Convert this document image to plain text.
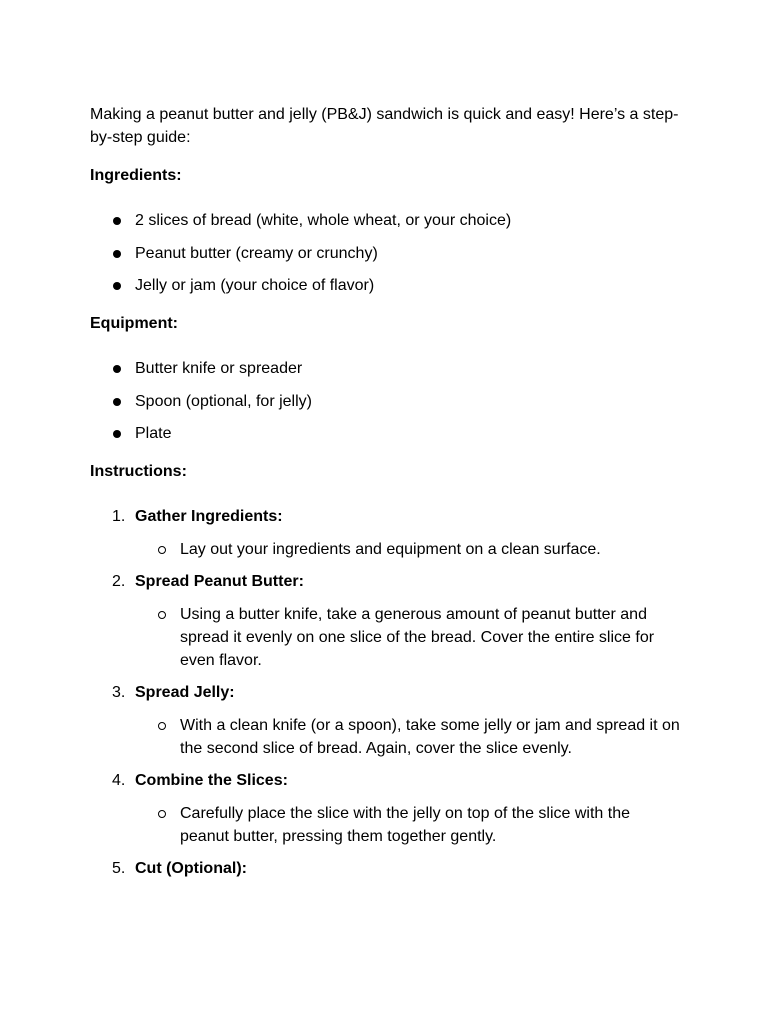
Making a peanut butter and jelly (PB&J) sandwich is quick and easy! Here’s a step-by-step guide:

Ingredients:
2 slices of bread (white, whole wheat, or your choice)
Peanut butter (creamy or crunchy)
Jelly or jam (your choice of flavor)
Equipment:
Butter knife or spreader
Spoon (optional, for jelly)
Plate
Instructions:
1. Gather Ingredients:
Lay out your ingredients and equipment on a clean surface.
2. Spread Peanut Butter:
Using a butter knife, take a generous amount of peanut butter and spread it evenly on one slice of the bread. Cover the entire slice for even flavor.
3. Spread Jelly:
With a clean knife (or a spoon), take some jelly or jam and spread it on the second slice of bread. Again, cover the slice evenly.
4. Combine the Slices:
Carefully place the slice with the jelly on top of the slice with the peanut butter, pressing them together gently.
5. Cut (Optional):
